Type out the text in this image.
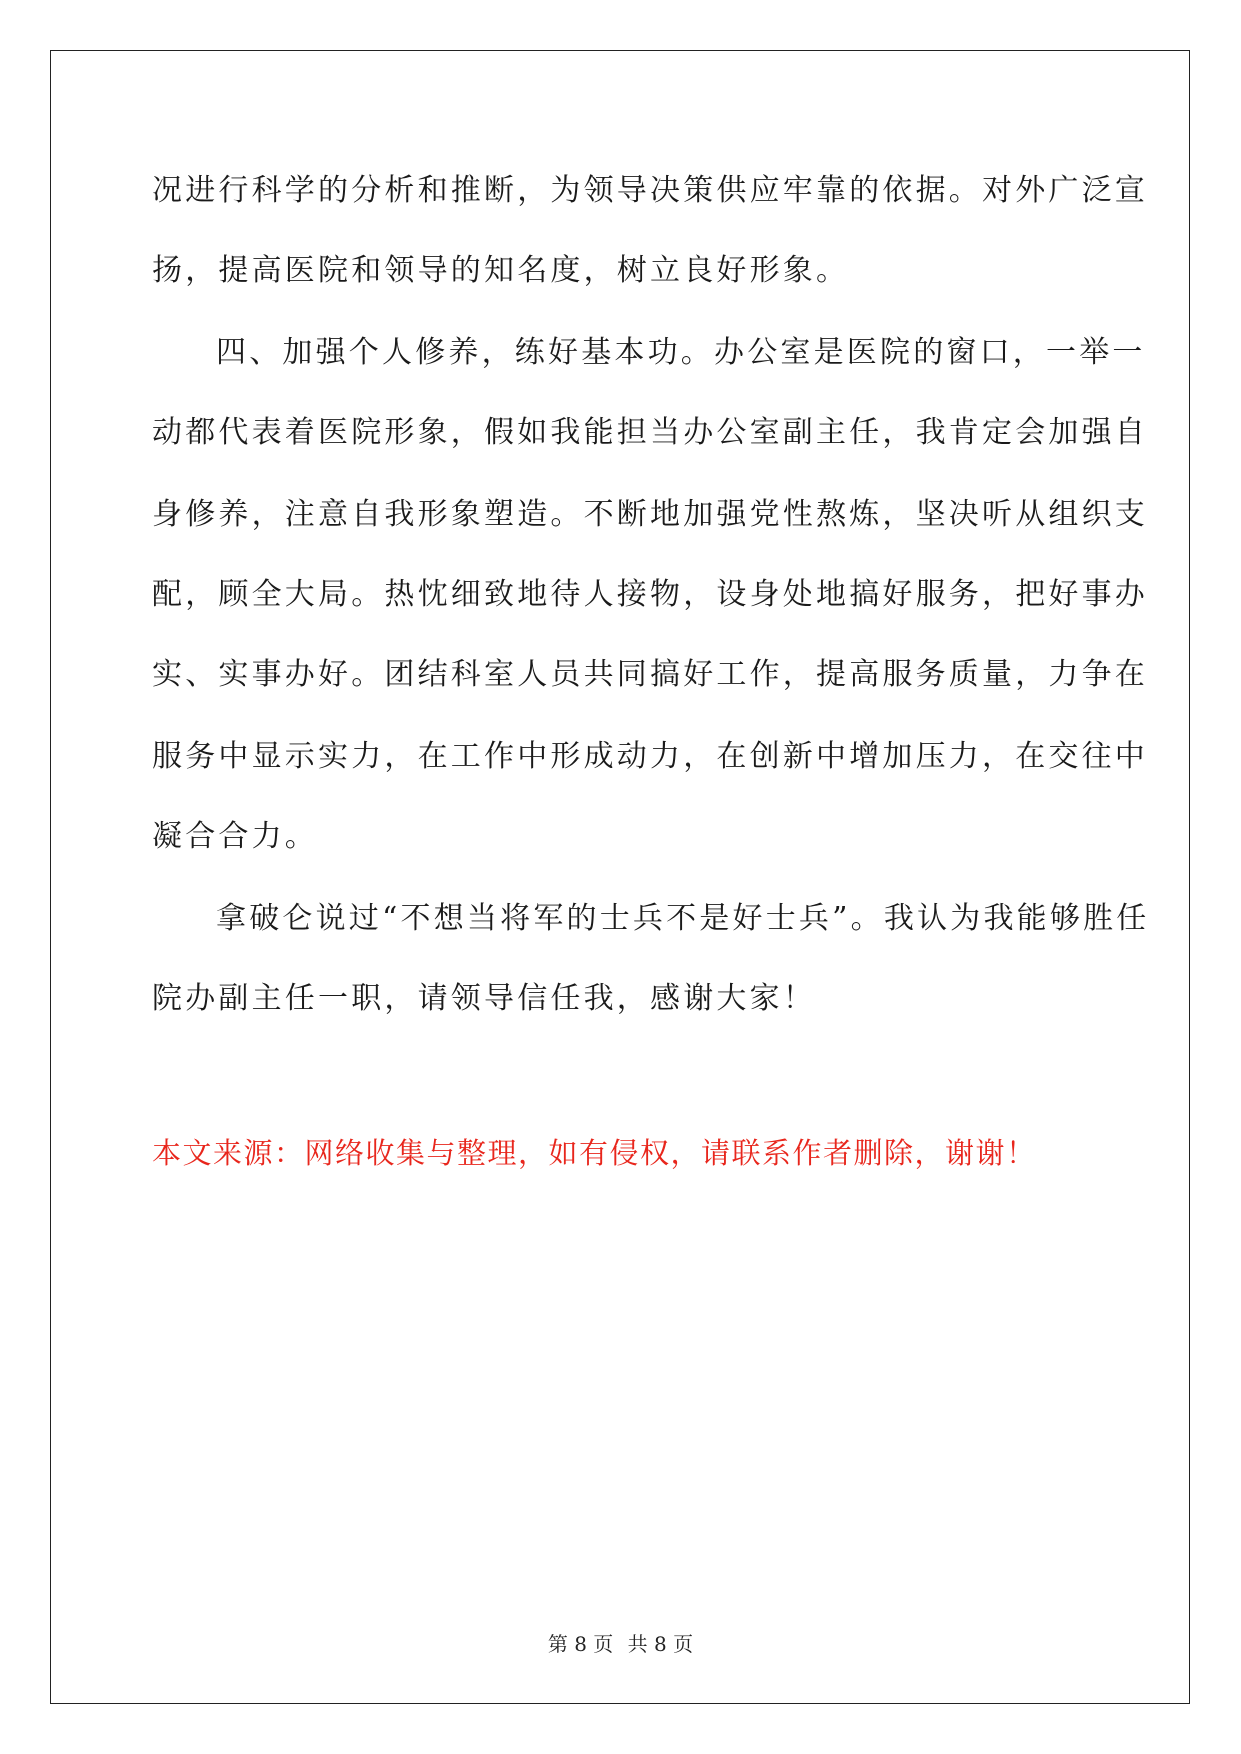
况进行科学的分析和推断，为领导决策供应牢靠的依据。对外广泛宣
扬，提高医院和领导的知名度，树立良好形象。
四、加强个人修养，练好基本功。办公室是医院的窗口，一举一
动都代表着医院形象，假如我能担当办公室副主任，我肯定会加强自
身修养，注意自我形象塑造。不断地加强党性熬炼，坚决听从组织支
配，顾全大局。热忱细致地待人接物，设身处地搞好服务，把好事办
实、实事办好。团结科室人员共同搞好工作，提高服务质量，力争在
服务中显示实力，在工作中形成动力，在创新中增加压力，在交往中
凝合合力。
拿破仑说过“不想当将军的士兵不是好士兵”。我认为我能够胜任
院办副主任一职，请领导信任我，感谢大家！
本文来源：网络收集与整理，如有侵权，请联系作者删除，谢谢！
第 8 页 共 8 页
